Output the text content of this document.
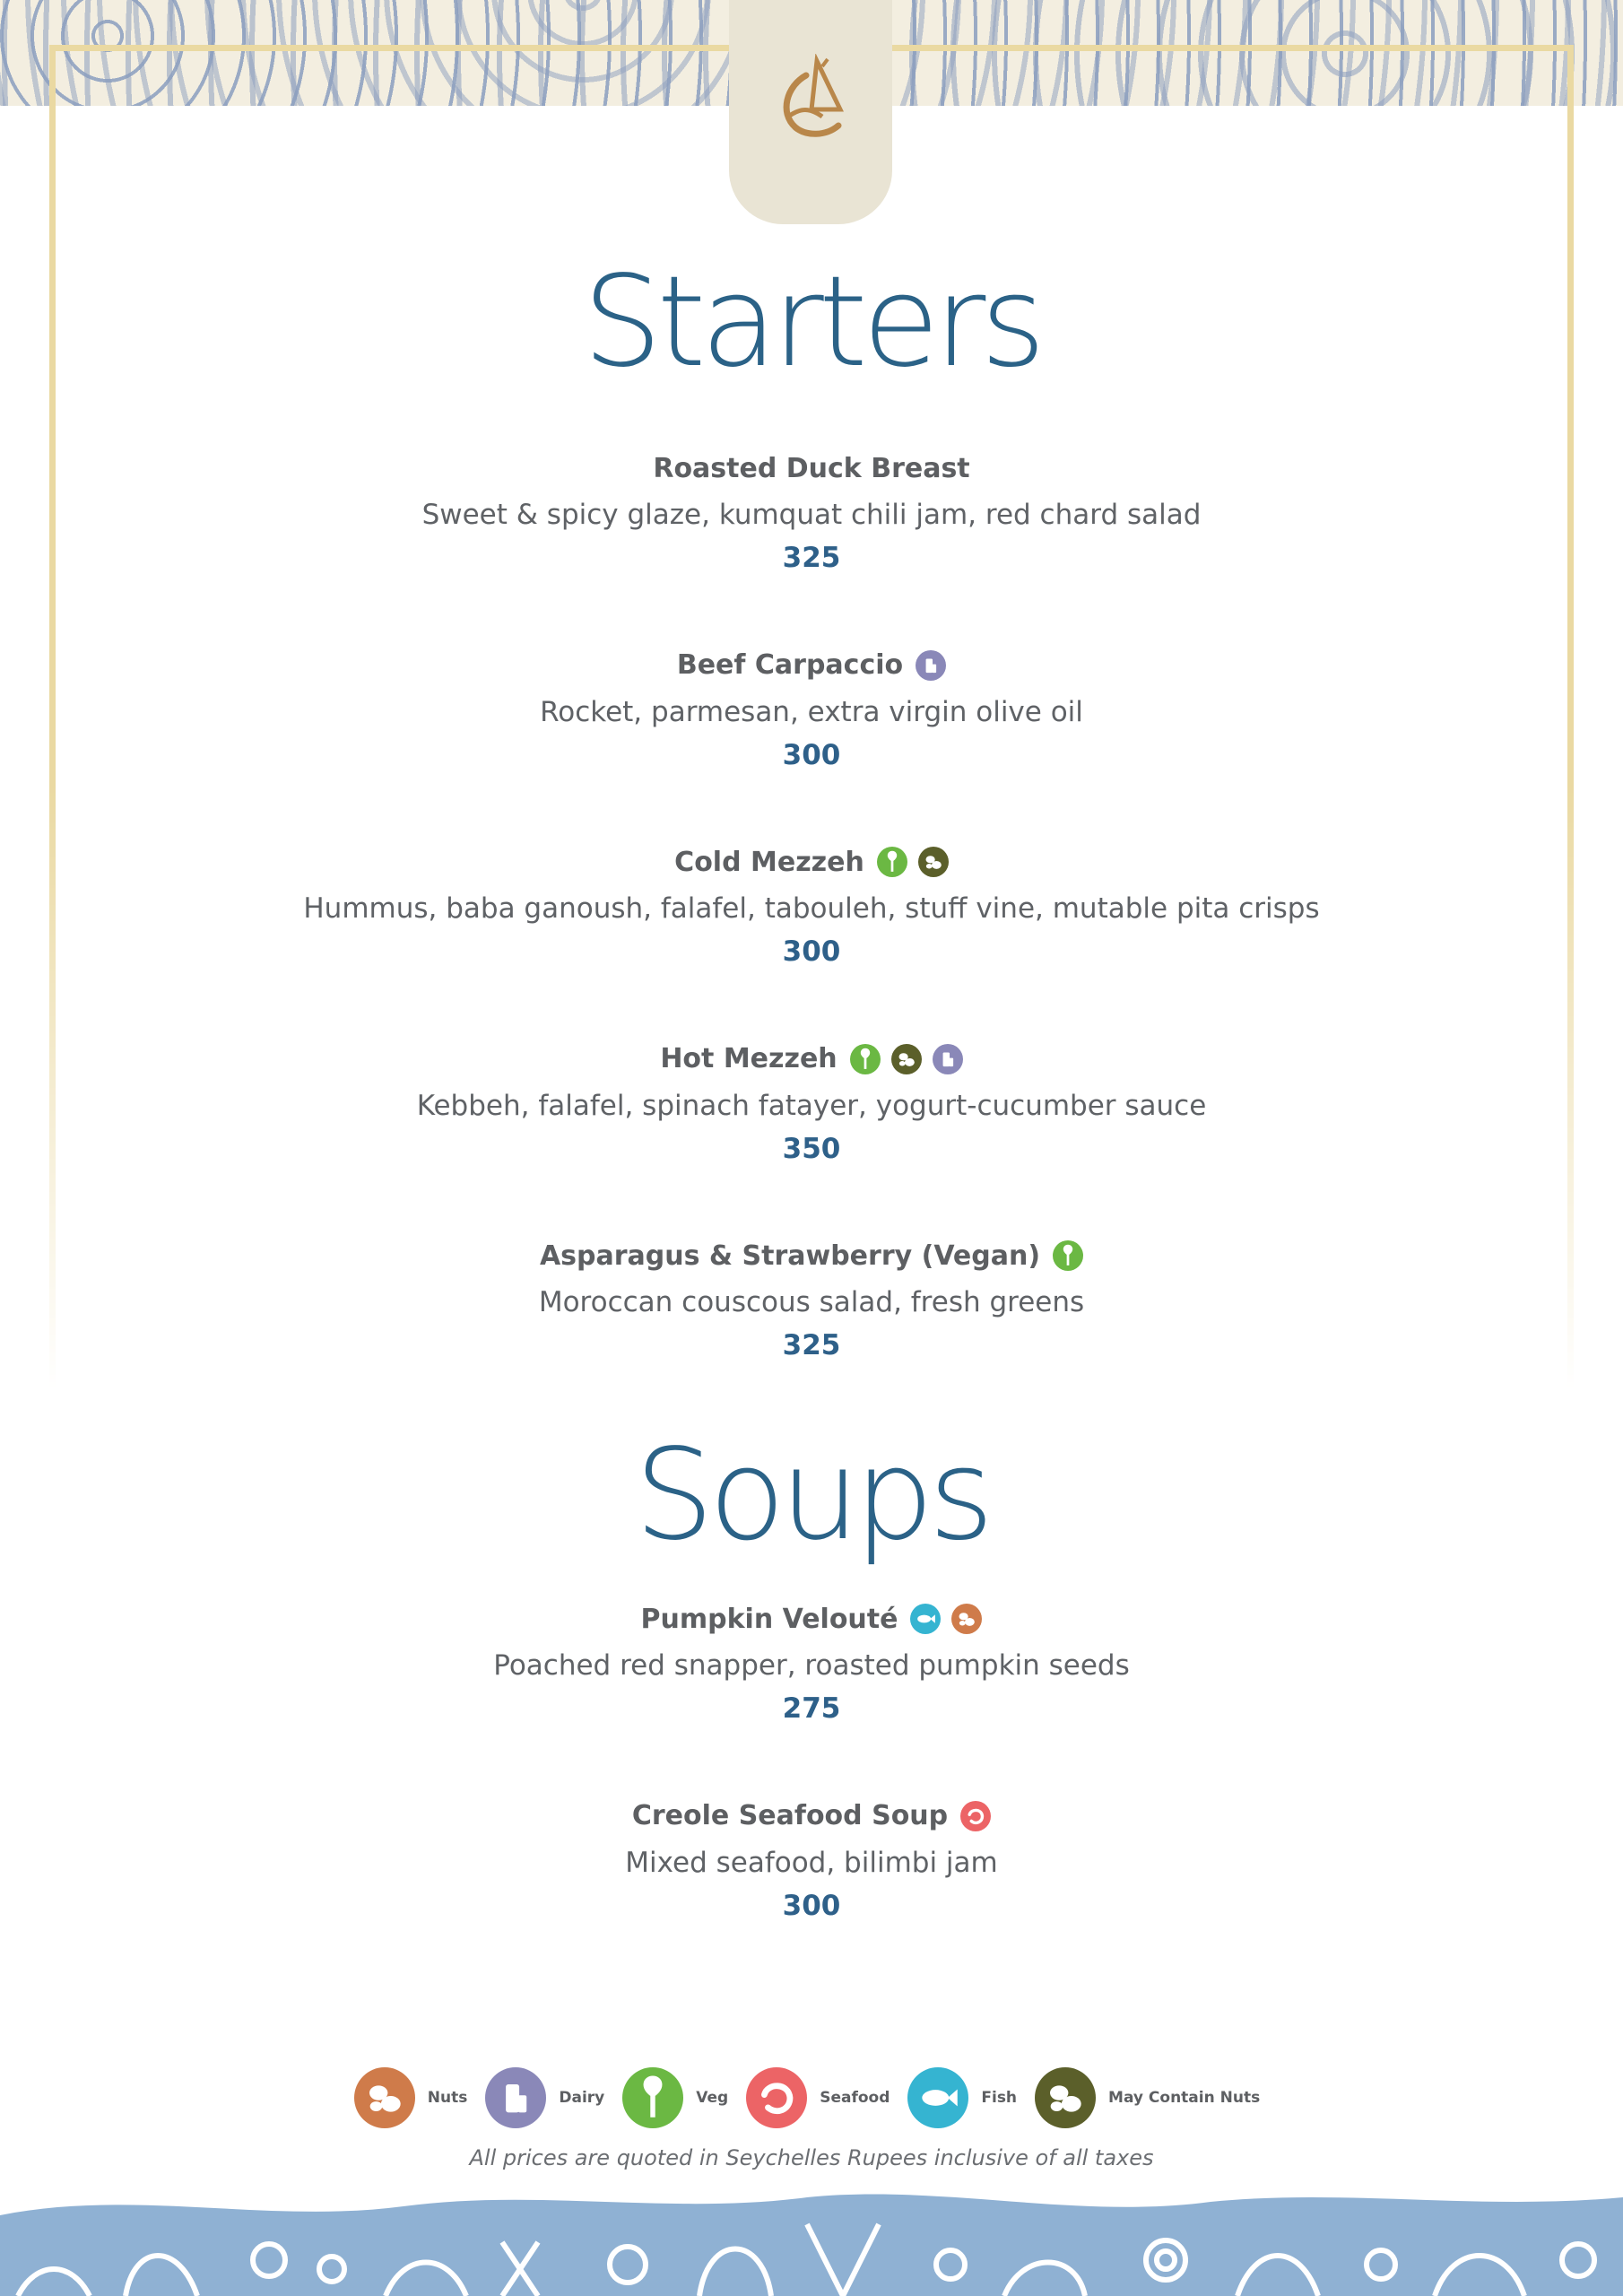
Starters
Roasted Duck Breast
Sweet & spicy glaze, kumquat chili jam, red chard salad
325
Beef Carpaccio
Rocket, parmesan, extra virgin olive oil
300
Cold Mezzeh
Hummus, baba ganoush, falafel, tabouleh, stuff vine, mutable pita crisps
300
Hot Mezzeh
Kebbeh, falafel, spinach fatayer, yogurt-cucumber sauce
350
Asparagus & Strawberry (Vegan)
Moroccan couscous salad, fresh greens
325
Soups
Pumpkin Velouté
Poached red snapper, roasted pumpkin seeds
275
Creole Seafood Soup
Mixed seafood, bilimbi jam
300
Nuts	Dairy	Veg	Seafood	Fish	May Contain Nuts
All prices are quoted in Seychelles Rupees inclusive of all taxes
